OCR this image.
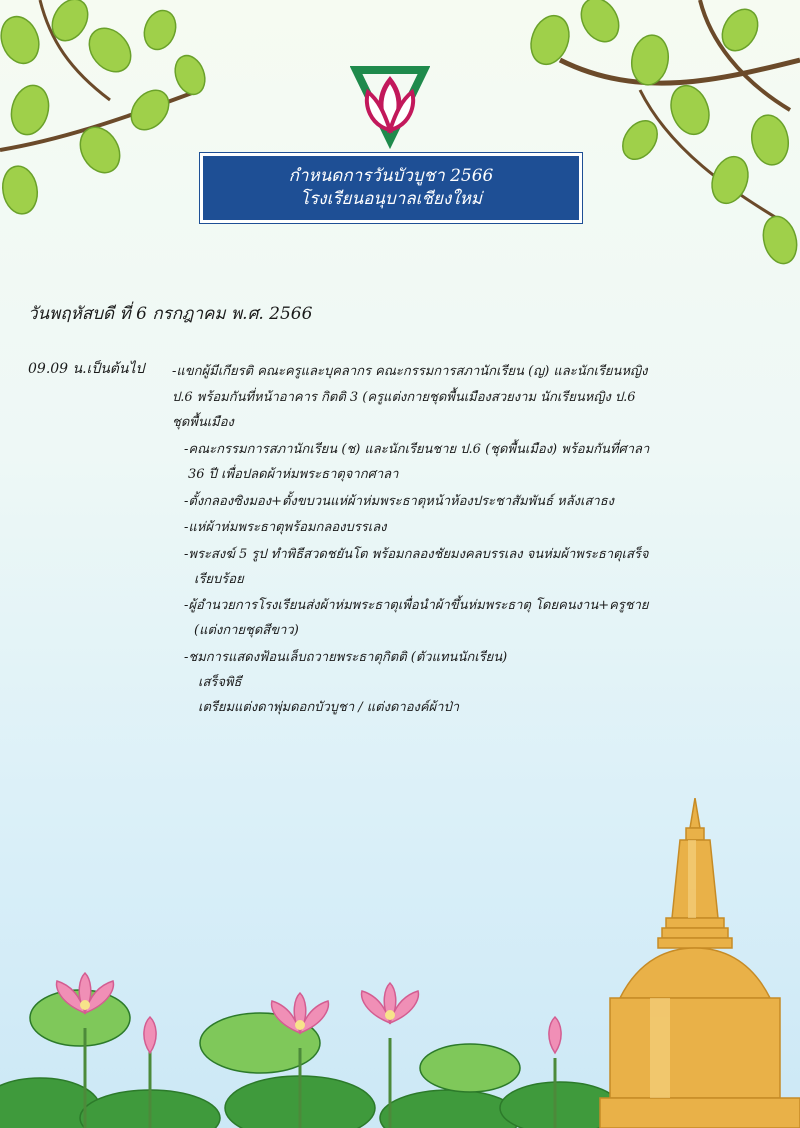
กำหนดการวันบัวบูชา 2566
โรงเรียนอนุบาลเชียงใหม่
วันพฤหัสบดี ที่ 6 กรกฎาคม พ.ศ. 2566
09.09 น.เป็นต้นไป -แขกผู้มีเกียรติ คณะครูและบุคลากร คณะกรรมการสภานักเรียน (ญ) และนักเรียนหญิง
ป.6 พร้อมกันที่หน้าอาคาร กิตติ 3 (ครูแต่งกายชุดพื้นเมืองสวยงาม นักเรียนหญิง ป.6
ชุดพื้นเมือง
-คณะกรรมการสภานักเรียน (ช) และนักเรียนชาย ป.6 (ชุดพื้นเมือง) พร้อมกันที่ศาลา
36 ปี เพื่อปลดผ้าห่มพระธาตุจากศาลา
-ตั้งกลองซิงมอง+ตั้งขบวนแห่ผ้าห่มพระธาตุหน้าห้องประชาสัมพันธ์ หลังเสาธง
-แห่ผ้าห่มพระธาตุพร้อมกลองบรรเลง
-พระสงฆ์ 5 รูป ทำพิธีสวดชยันโต พร้อมกลองชัยมงคลบรรเลง จนห่มผ้าพระธาตุเสร็จ
เรียบร้อย
-ผู้อำนวยการโรงเรียนส่งผ้าห่มพระธาตุเพื่อนำผ้าขึ้นห่มพระธาตุ โดยคนงาน+ครูชาย
(แต่งกายชุดสีขาว)
-ชมการแสดงฟ้อนเล็บถวายพระธาตุกิตติ (ตัวแทนนักเรียน)
เสร็จพิธี
เตรียมแต่งดาพุ่มดอกบัวบูชา / แต่งดาองค์ผ้าป่า
